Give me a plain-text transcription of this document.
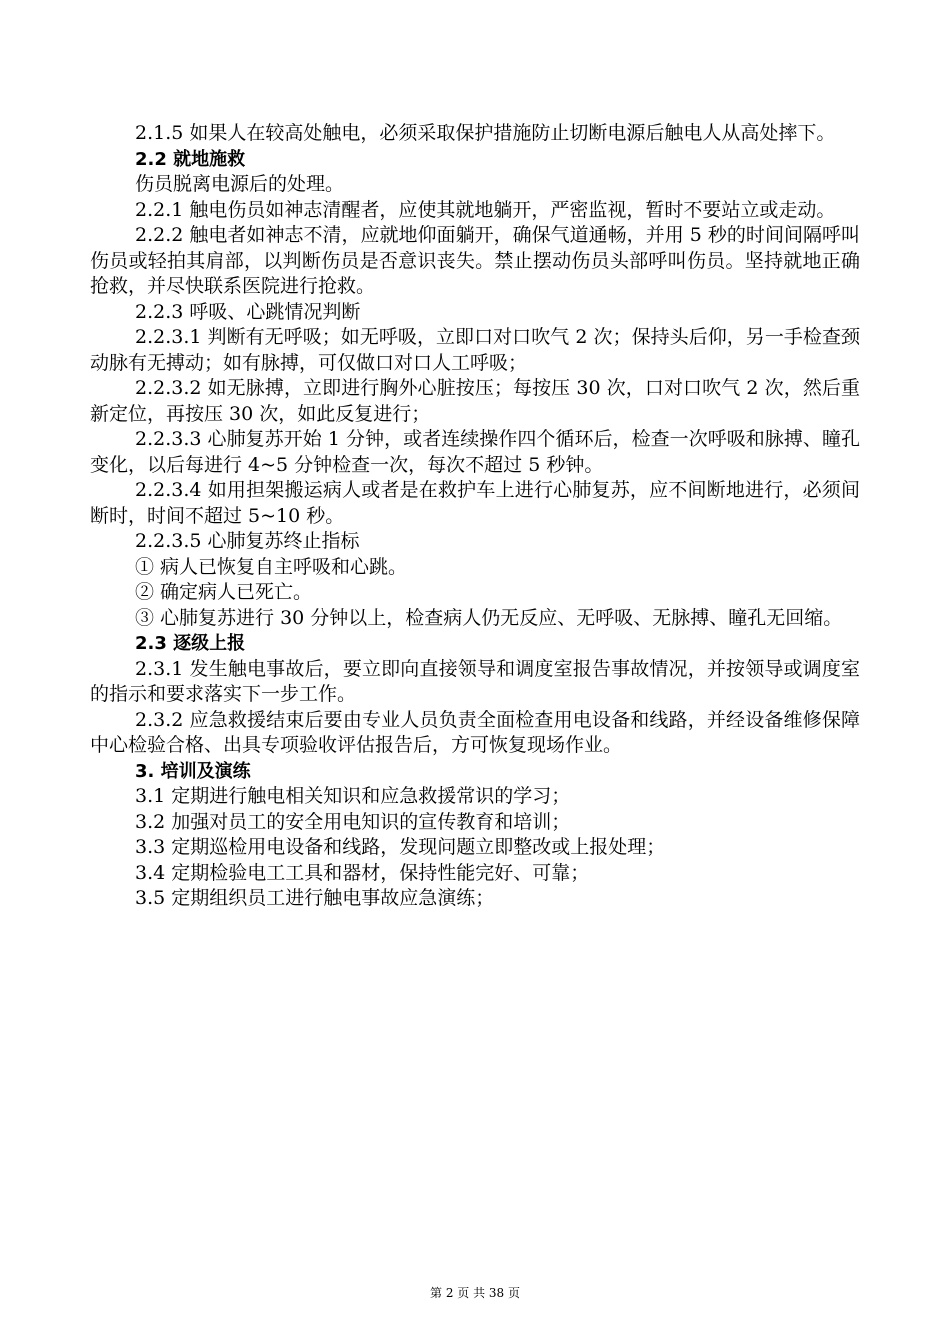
2.1.5 如果人在较高处触电，必须采取保护措施防止切断电源后触电人从高处摔下。

2.2 就地施救

伤员脱离电源后的处理。

2.2.1 触电伤员如神志清醒者，应使其就地躺开，严密监视，暂时不要站立或走动。

2.2.2 触电者如神志不清，应就地仰面躺开，确保气道通畅，并用 5 秒的时间间隔呼叫伤员或轻拍其肩部，以判断伤员是否意识丧失。禁止摆动伤员头部呼叫伤员。坚持就地正确抢救，并尽快联系医院进行抢救。

2.2.3 呼吸、心跳情况判断

2.2.3.1 判断有无呼吸；如无呼吸，立即口对口吹气 2 次；保持头后仰，另一手检查颈动脉有无搏动；如有脉搏，可仅做口对口人工呼吸；

2.2.3.2 如无脉搏，立即进行胸外心脏按压；每按压 30 次，口对口吹气 2 次，然后重新定位，再按压 30 次，如此反复进行；

2.2.3.3 心肺复苏开始 1 分钟，或者连续操作四个循环后，检查一次呼吸和脉搏、瞳孔变化，以后每进行 4~5 分钟检查一次，每次不超过 5 秒钟。

2.2.3.4 如用担架搬运病人或者是在救护车上进行心肺复苏，应不间断地进行，必须间断时，时间不超过 5~10 秒。

2.2.3.5 心肺复苏终止指标

① 病人已恢复自主呼吸和心跳。

② 确定病人已死亡。

③ 心肺复苏进行 30 分钟以上，检查病人仍无反应、无呼吸、无脉搏、瞳孔无回缩。

2.3 逐级上报

2.3.1 发生触电事故后，要立即向直接领导和调度室报告事故情况，并按领导或调度室的指示和要求落实下一步工作。

2.3.2 应急救援结束后要由专业人员负责全面检查用电设备和线路，并经设备维修保障中心检验合格、出具专项验收评估报告后，方可恢复现场作业。

3. 培训及演练

3.1 定期进行触电相关知识和应急救援常识的学习；

3.2 加强对员工的安全用电知识的宣传教育和培训；

3.3 定期巡检用电设备和线路，发现问题立即整改或上报处理；

3.4 定期检验电工工具和器材，保持性能完好、可靠；

3.5 定期组织员工进行触电事故应急演练；

第 2 页 共 38 页
